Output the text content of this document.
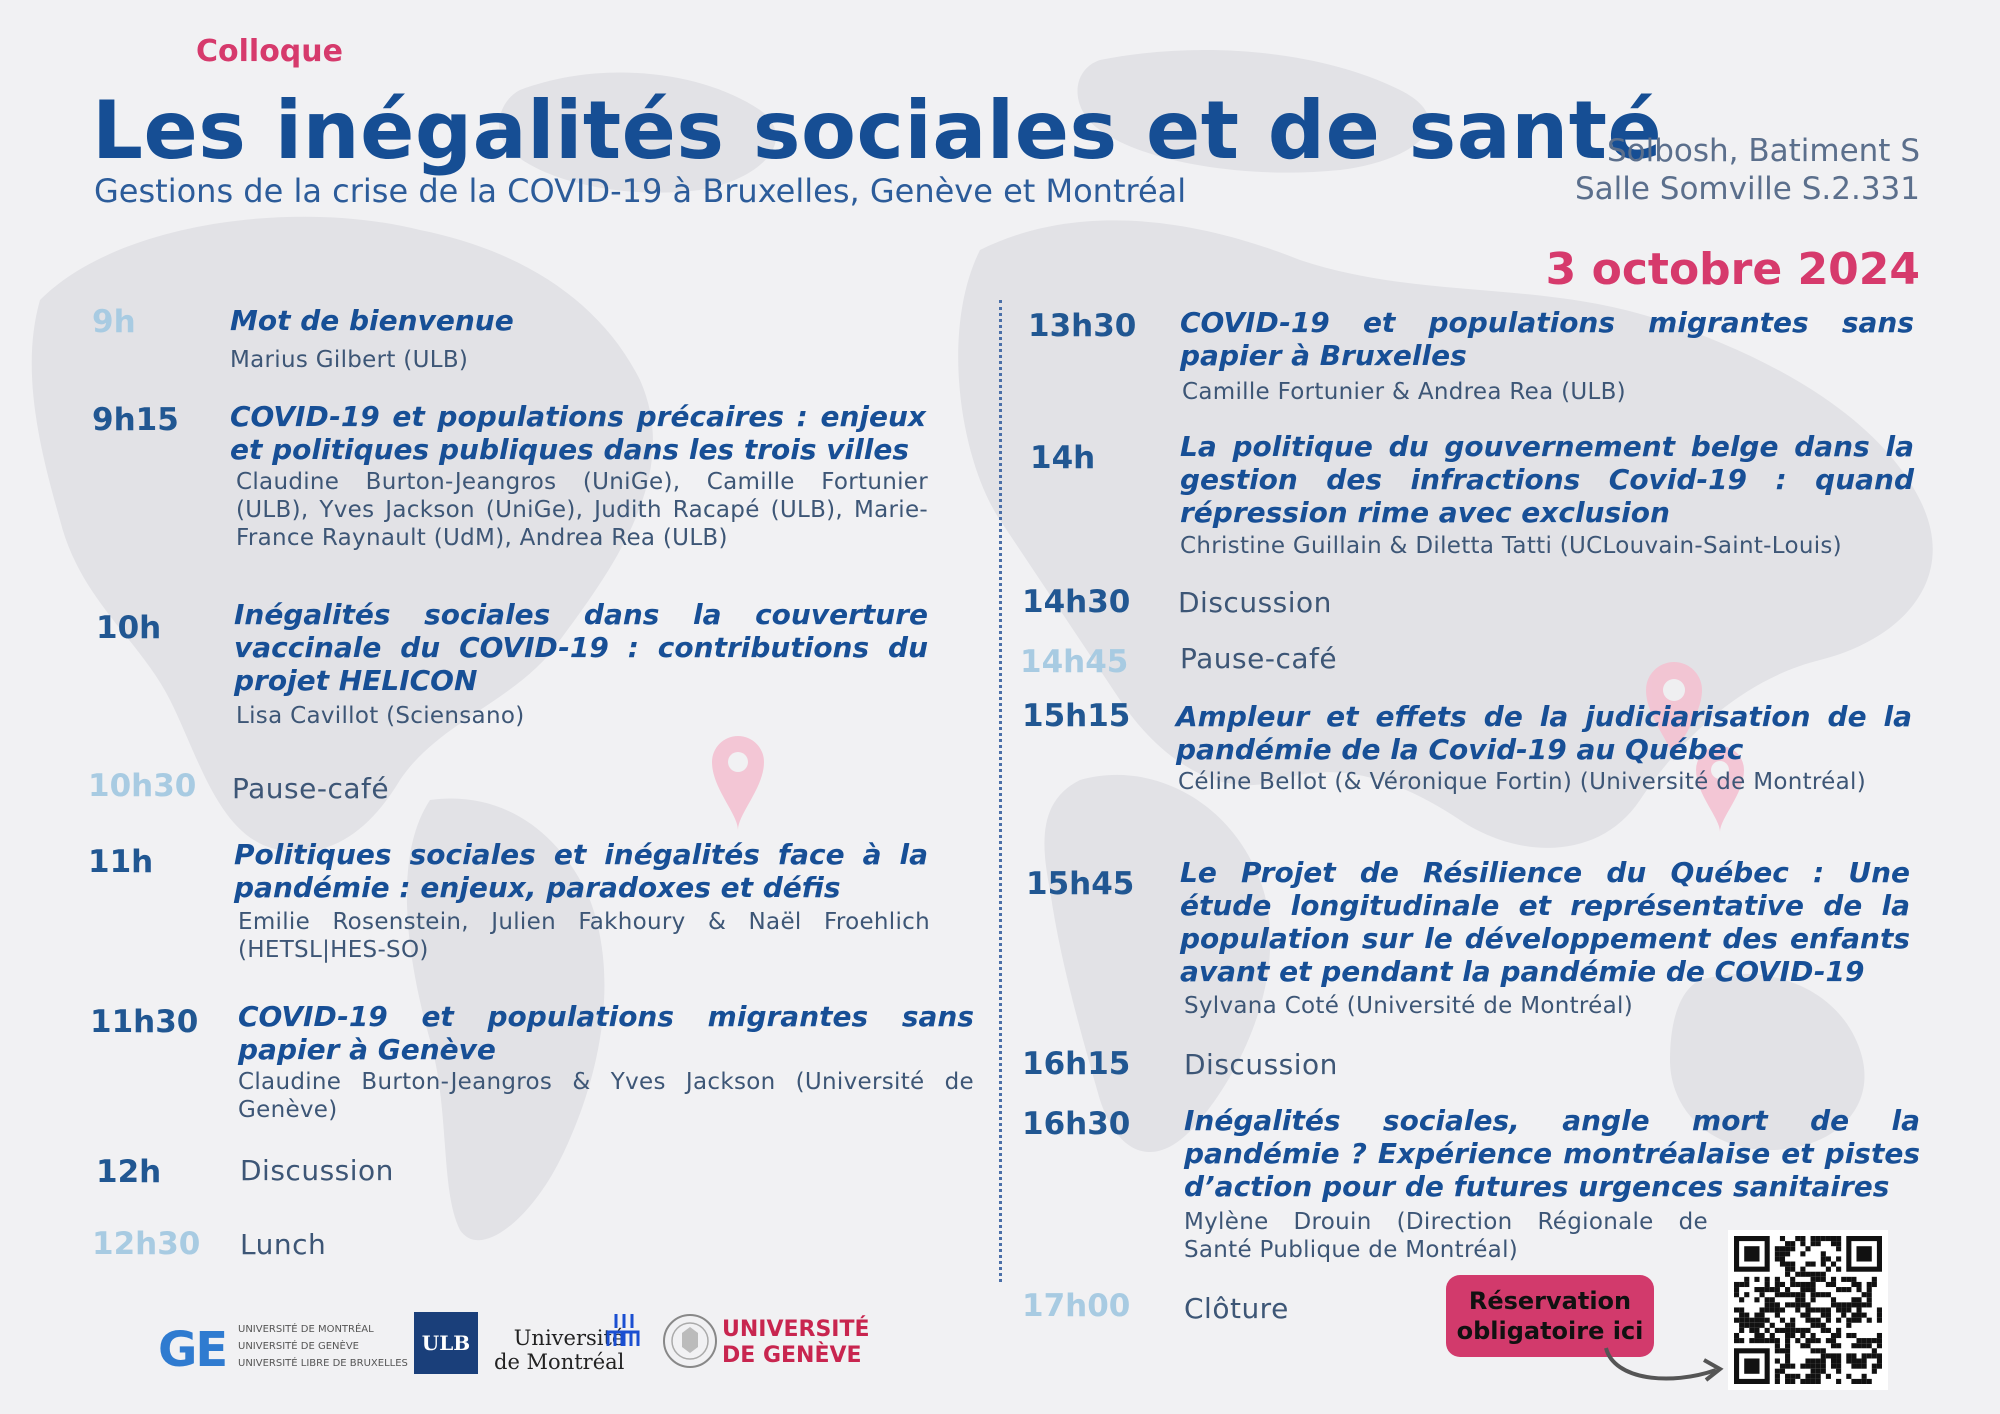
Colloque
Les inégalités sociales et de santé
Gestions de la crise de la COVID-19 à Bruxelles, Genève et Montréal
Solbosh, Batiment S
Salle Somville S.2.331
3 octobre 2024
9h	Mot de bienvenue
Marius Gilbert (ULB)
9h15 COVID-19 et populations précaires : enjeux et politiques publiques dans les trois villes
Claudine Burton-Jeangros (UniGe), Camille Fortunier (ULB), Yves Jackson (UniGe), Judith Racapé (ULB), Marie-France Raynault (UdM), Andrea Rea (ULB)
10h	Inégalités sociales dans la couverture vaccinale du COVID-19 : contributions du projet HELICON
Lisa Cavillot (Sciensano)
10h30 Pause-café
11h	Politiques sociales et inégalités face à la pandémie : enjeux, paradoxes et défis
Emilie Rosenstein, Julien Fakhoury & Naël Froehlich (HETSL|HES-SO)
11h30 COVID-19 et populations migrantes sans papier à Genève
Claudine Burton-Jeangros & Yves Jackson (Université de Genève)
12h	Discussion
12h30 Lunch
13h30 COVID-19 et populations migrantes sans papier à Bruxelles
Camille Fortunier & Andrea Rea (ULB)
14h	La politique du gouvernement belge dans la gestion des infractions Covid-19 : quand répression rime avec exclusion
Christine Guillain & Diletta Tatti (UCLouvain-Saint-Louis)
14h30 Discussion
14h45 Pause-café
15h15 Ampleur et effets de la judiciarisation de la pandémie de la Covid-19 au Québec
Céline Bellot (& Véronique Fortin) (Université de Montréal)
15h45 Le Projet de Résilience du Québec : Une étude longitudinale et représentative de la population sur le développement des enfants avant et pendant la pandémie de COVID-19
Sylvana Coté (Université de Montréal)
16h15 Discussion
16h30 Inégalités sociales, angle mort de la pandémie ? Expérience montréalaise et pistes d’action pour de futures urgences sanitaires
Mylène Drouin (Direction Régionale de Santé Publique de Montréal)
17h00 Clôture
GE UNIVERSITÉ DE MONTRÉAL
UNIVERSITÉ DE GENÈVE
UNIVERSITÉ LIBRE DE BRUXELLES
ULB	Université
de Montréal
UNIVERSITÉ
DE GENÈVE
Réservation
obligatoire ici
